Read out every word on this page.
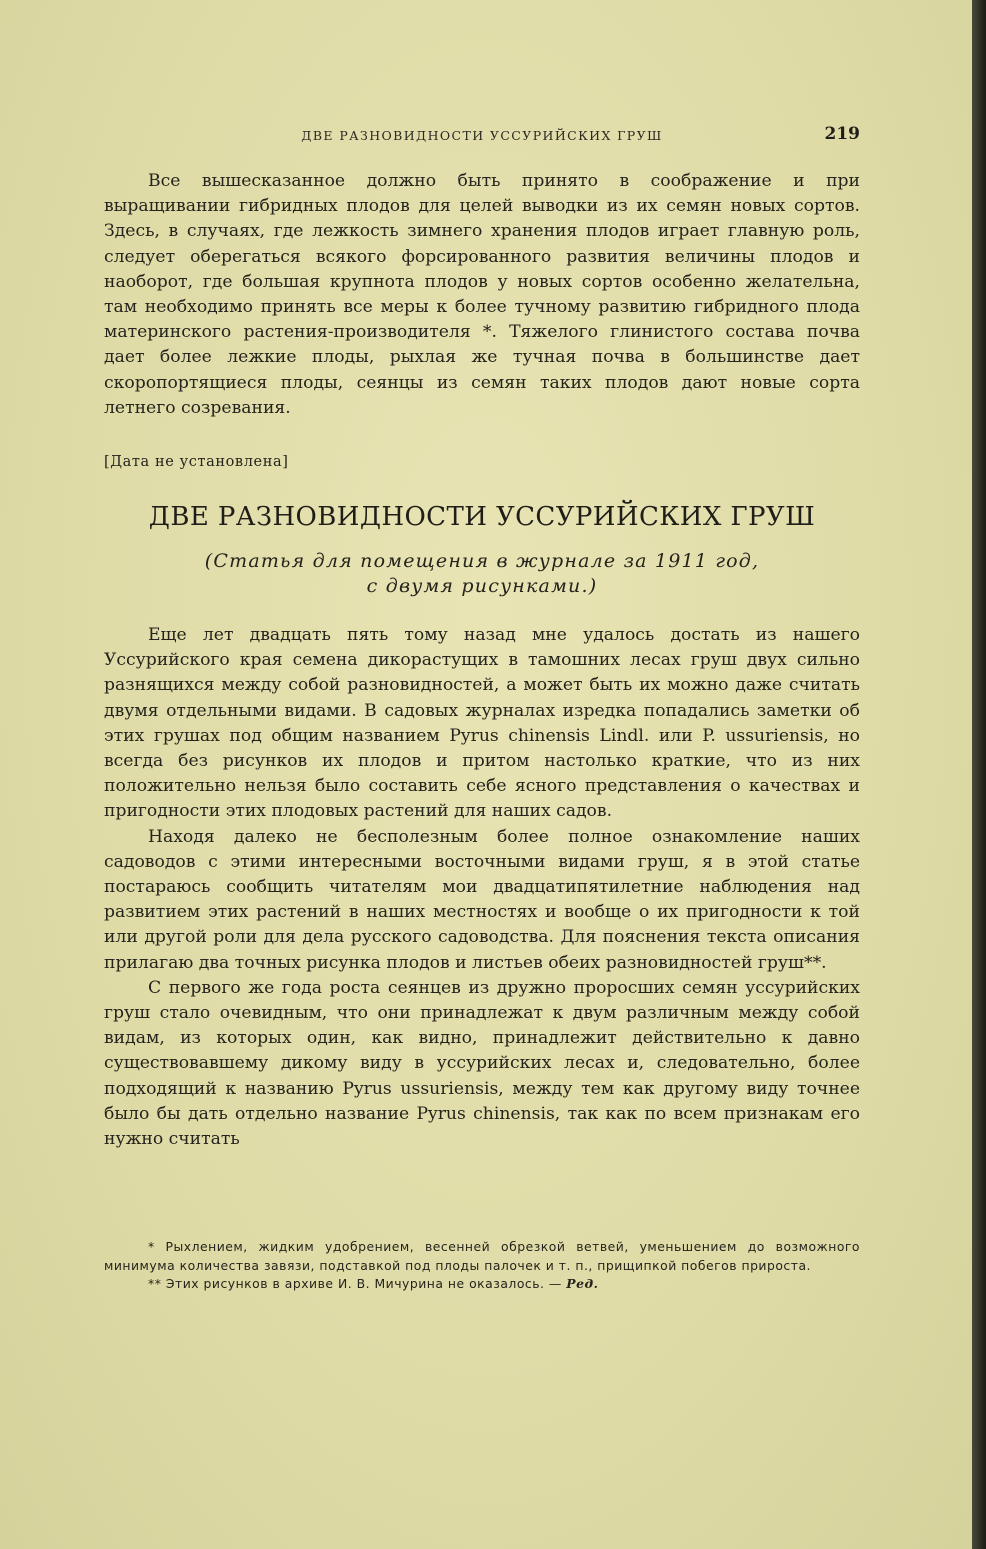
ДВЕ РАЗНОВИДНОСТИ УССУРИЙСКИХ ГРУШ	219

Все вышесказанное должно быть принято в соображение и при выращивании гибридных плодов для целей выводки из их семян новых сортов. Здесь, в случаях, где лежкость зимнего хранения плодов играет главную роль, следует оберегаться всякого форсированного развития величины плодов и наоборот, где большая крупнота плодов у новых сортов особенно желательна, там необходимо принять все меры к более тучному развитию гибридного плода материнского растения-производителя *. Тяжелого глинистого состава почва дает более лежкие плоды, рыхлая же тучная почва в большинстве дает скоропортящиеся плоды, сеянцы из семян таких плодов дают новые сорта летнего созревания.

[Дата не установлена]
ДВЕ РАЗНОВИДНОСТИ УССУРИЙСКИХ ГРУШ
(Статья для помещения в журнале за 1911 год,
с двумя рисунками.)

Еще лет двадцать пять тому назад мне удалось достать из нашего Уссурийского края семена дикорастущих в тамошних лесах груш двух сильно разнящихся между собой разновидностей, а может быть их можно даже считать двумя отдельными видами. В садовых журналах изредка попадались заметки об этих грушах под общим названием Pyrus chinensis Lindl. или P. ussuriensis, но всегда без рисунков их плодов и притом настолько краткие, что из них положительно нельзя было составить себе ясного представления о качествах и пригодности этих плодовых растений для наших садов.

Находя далеко не бесполезным более полное ознакомление наших садоводов с этими интересными восточными видами груш, я в этой статье постараюсь сообщить читателям мои двадцатипятилетние наблюдения над развитием этих растений в наших местностях и вообще о их пригодности к той или другой роли для дела русского садоводства. Для пояснения текста описания прилагаю два точных рисунка плодов и листьев обеих разновидностей груш**.

С первого же года роста сеянцев из дружно проросших семян уссурийских груш стало очевидным, что они принадлежат к двум различным между собой видам, из которых один, как видно, принадлежит действительно к давно существовавшему дикому виду в уссурийских лесах и, следовательно, более подходящий к названию Pyrus ussuriensis, между тем как другому виду точнее было бы дать отдельно название Pyrus chinensis, так как по всем признакам его нужно считать

* Рыхлением, жидким удобрением, весенней обрезкой ветвей, уменьшением до возможного минимума количества завязи, подставкой под плоды палочек и т. п., прищипкой побегов прироста.

** Этих рисунков в архиве И. В. Мичурина не оказалось. — Ред.
